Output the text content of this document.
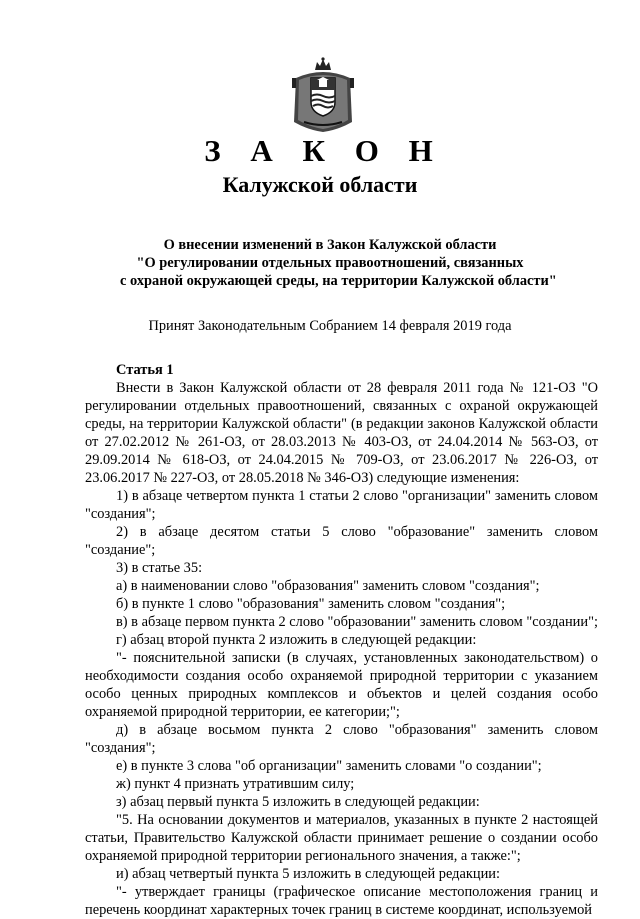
З А К О Н
Калужской области
О внесении изменений в Закон Калужской области
"О регулировании отдельных правоотношений, связанных
с охраной окружающей среды, на территории Калужской области"
Принят Законодательным Собранием 14 февраля 2019 года
Статья 1
Внести в Закон Калужской области от 28 февраля 2011 года № 121-ОЗ "О регулировании отдельных правоотношений, связанных с охраной окружающей среды, на территории Калужской области" (в редакции законов Калужской области от 27.02.2012 № 261-ОЗ, от 28.03.2013 № 403-ОЗ, от 24.04.2014 № 563-ОЗ, от 29.09.2014 № 618-ОЗ, от 24.04.2015 № 709-ОЗ, от 23.06.2017 № 226-ОЗ, от 23.06.2017 № 227-ОЗ, от 28.05.2018 № 346-ОЗ) следующие изменения:
1) в абзаце четвертом пункта 1 статьи 2 слово "организации" заменить словом "создания";
2) в абзаце десятом статьи 5 слово "образование" заменить словом "создание";
3) в статье 35:
а) в наименовании слово "образования" заменить словом "создания";
б) в пункте 1 слово "образования" заменить словом "создания";
в) в абзаце первом пункта 2 слово "образовании" заменить словом "создании";
г) абзац второй пункта 2 изложить в следующей редакции:
"- пояснительной записки (в случаях, установленных законодательством) о необходимости создания особо охраняемой природной территории с указанием особо ценных природных комплексов и объектов и целей создания особо охраняемой природной территории, ее категории;";
д) в абзаце восьмом пункта 2 слово "образования" заменить словом "создания";
е) в пункте 3 слова "об организации" заменить словами "о создании";
ж) пункт 4 признать утратившим силу;
з) абзац первый пункта 5 изложить в следующей редакции:
"5. На основании документов и материалов, указанных в пункте 2 настоящей статьи, Правительство Калужской области принимает решение о создании особо охраняемой природной территории регионального значения, а также:";
и) абзац четвертый пункта 5 изложить в следующей редакции:
"- утверждает границы (графическое описание местоположения границ и перечень координат характерных точек границ в системе координат, используемой
